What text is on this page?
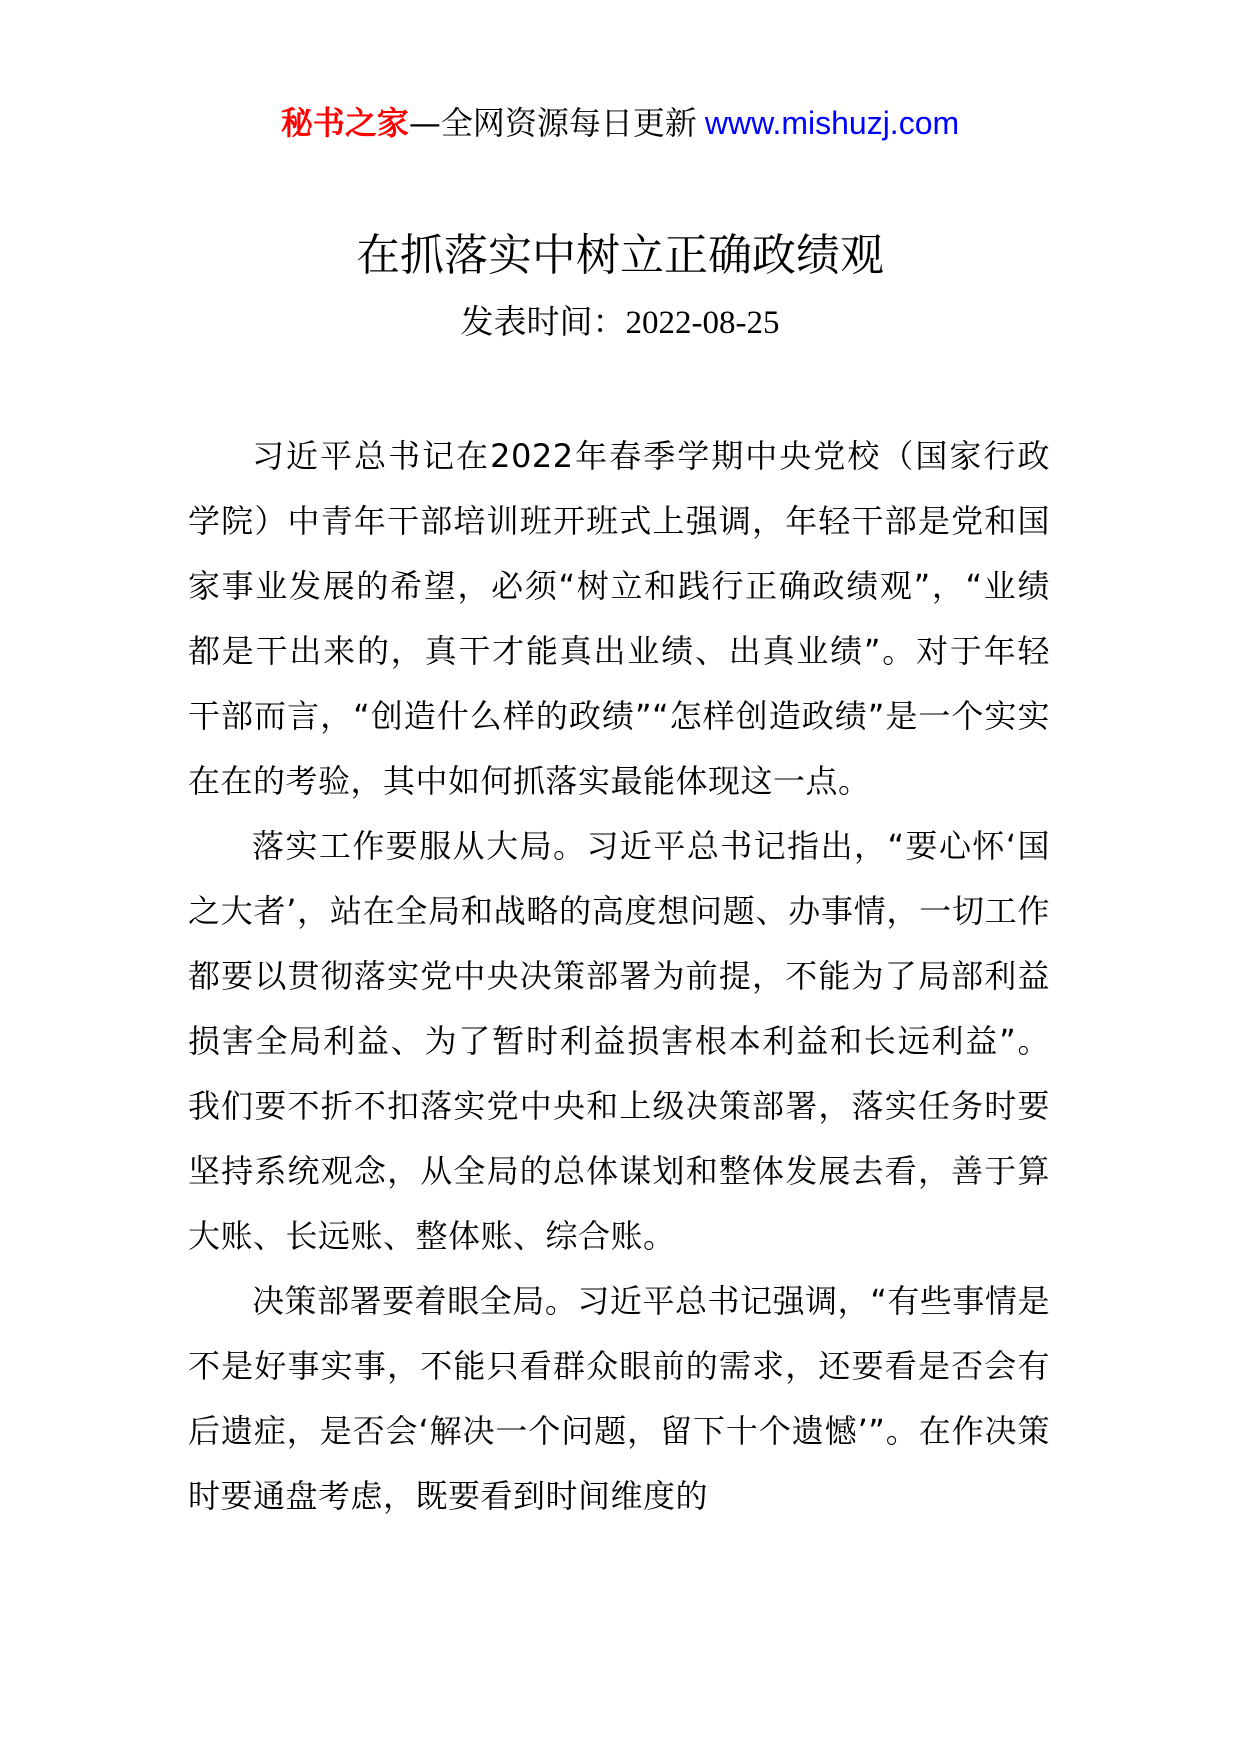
秘书之家—全网资源每日更新 www.mishuzj.com
在抓落实中树立正确政绩观
发表时间：2022-08-25

习近平总书记在2022年春季学期中央党校（国家行政学院）中青年干部培训班开班式上强调，年轻干部是党和国家事业发展的希望，必须“树立和践行正确政绩观”，“业绩都是干出来的，真干才能真出业绩、出真业绩”。对于年轻干部而言，“创造什么样的政绩”“怎样创造政绩”是一个实实在在的考验，其中如何抓落实最能体现这一点。

落实工作要服从大局。习近平总书记指出，“要心怀‘国之大者’，站在全局和战略的高度想问题、办事情，一切工作都要以贯彻落实党中央决策部署为前提，不能为了局部利益损害全局利益、为了暂时利益损害根本利益和长远利益”。我们要不折不扣落实党中央和上级决策部署，落实任务时要坚持系统观念，从全局的总体谋划和整体发展去看，善于算大账、长远账、整体账、综合账。

决策部署要着眼全局。习近平总书记强调，“有些事情是不是好事实事，不能只看群众眼前的需求，还要看是否会有后遗症，是否会‘解决一个问题，留下十个遗憾’”。在作决策时要通盘考虑，既要看到时间维度的
